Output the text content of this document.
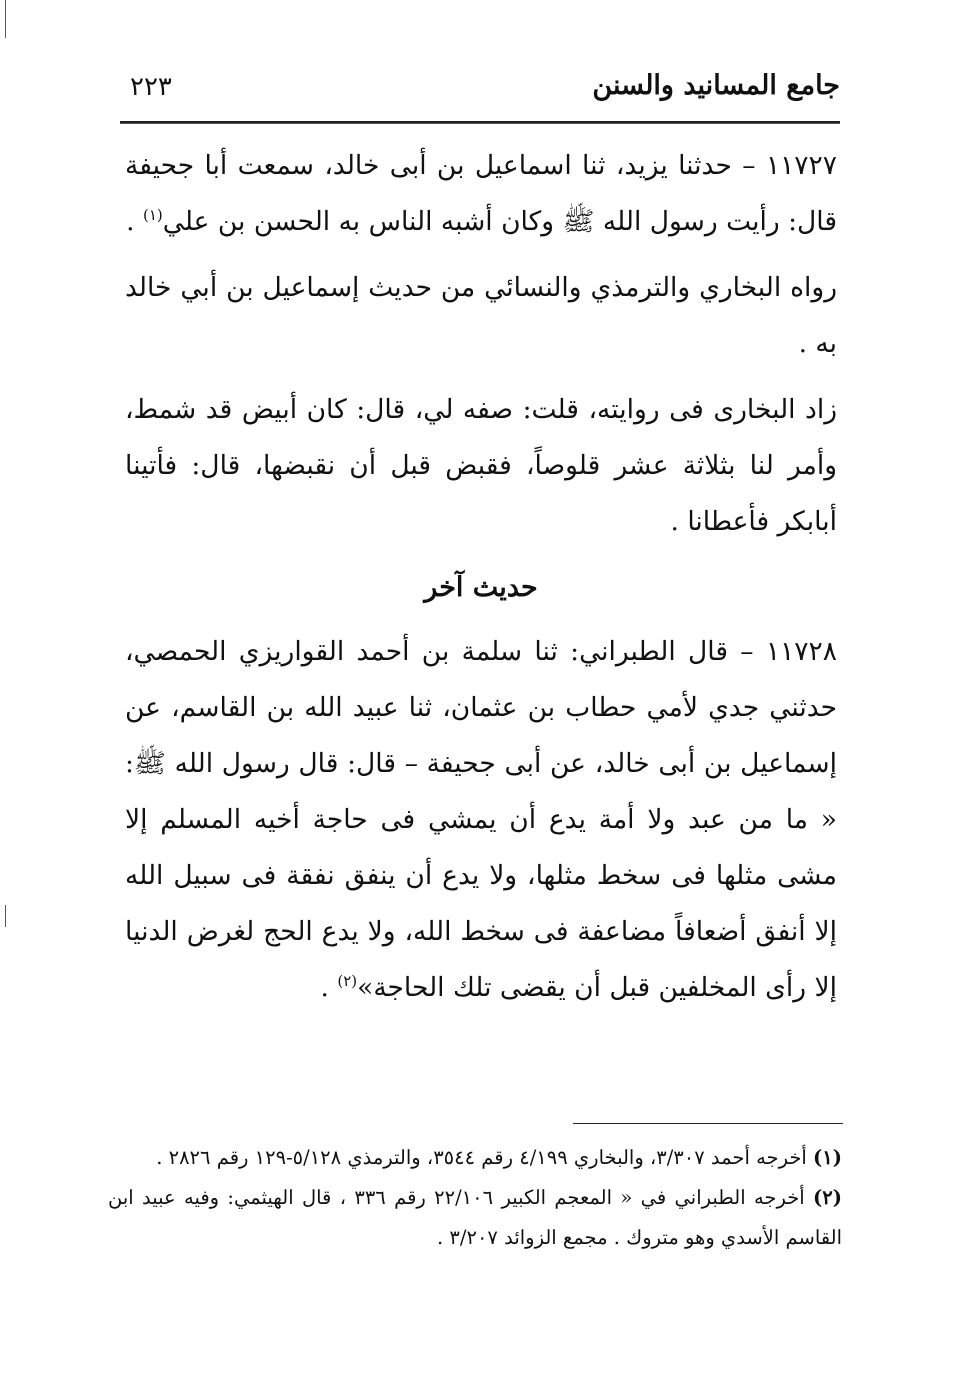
جامع المسانيد والسنن
٢٢٣

١١٧٢٧ – حدثنا يزيد، ثنا اسماعيل بن أبى خالد، سمعت أبا جحيفة قال: رأيت رسول الله ﷺ وكان أشبه الناس به الحسن بن علي$^{(١)}$ .

رواه البخاري والترمذي والنسائي من حديث إسماعيل بن أبي خالد به .

زاد البخارى فى روايته، قلت: صفه لي، قال: كان أبيض قد شمط، وأمر لنا بثلاثة عشر قلوصاً، فقبض قبل أن نقبضها، قال: فأتينا أبابكر فأعطانا .

حديث آخر

١١٧٢٨ – قال الطبراني: ثنا سلمة بن أحمد القواريزي الحمصي، حدثني جدي لأمي حطاب بن عثمان، ثنا عبيد الله بن القاسم، عن إسماعيل بن أبى خالد، عن أبى جحيفة – قال: قال رسول الله ﷺ: « ما من عبد ولا أمة يدع أن يمشي فى حاجة أخيه المسلم إلا مشى مثلها فى سخط مثلها، ولا يدع أن ينفق نفقة فى سبيل الله إلا أنفق أضعافاً مضاعفة فى سخط الله، ولا يدع الحج لغرض الدنيا إلا رأى المخلفين قبل أن يقضى تلك الحاجة»$^{(٢)}$ .

(١) أخرجه أحمد ٣/٣٠٧، والبخاري ٤/١٩٩ رقم ٣٥٤٤، والترمذي ٥/١٢٨-١٢٩ رقم ٢٨٢٦ .

(٢) أخرجه الطبراني في « المعجم الكبير ٢٢/١٠٦ رقم ٣٣٦ ، قال الهيثمي: وفيه عبيد ابن القاسم الأسدي وهو متروك . مجمع الزوائد ٣/٢٠٧ .
